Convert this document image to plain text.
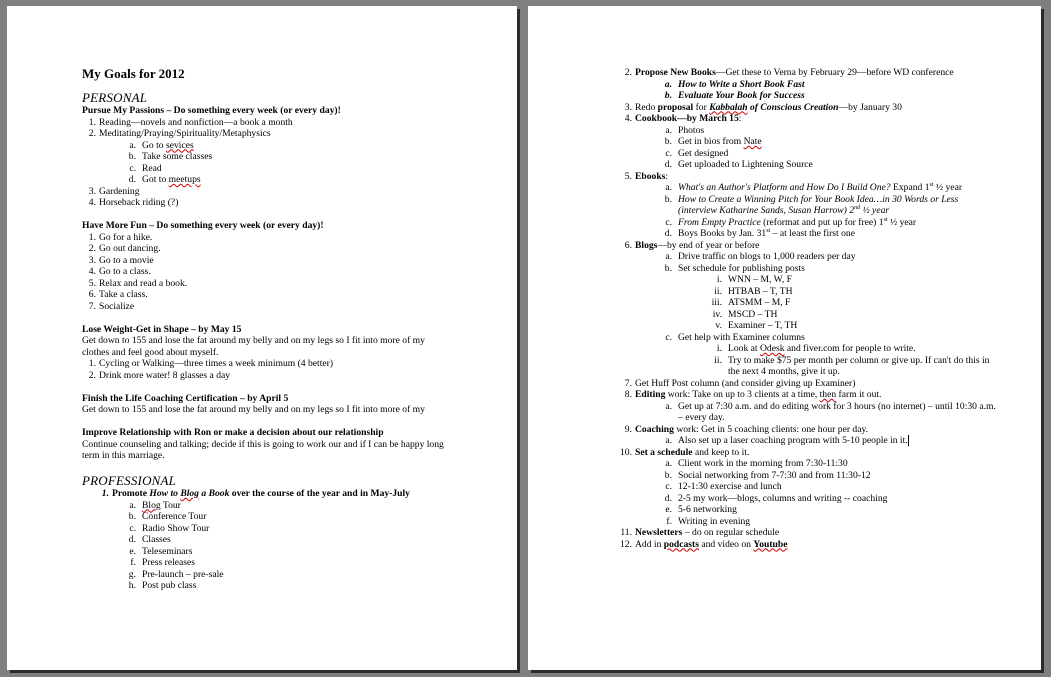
My Goals for 2012
PERSONAL
Pursue My Passions – Do something every week (or every day)!
1. Reading—novels and nonfiction—a book a month
2. Meditating/Praying/Spirituality/Metaphysics
a. Go to sevices
b. Take some classes
c. Read
d. Got to meetups
3. Gardening
4. Horseback riding (?)
Have More Fun – Do something every week (or every day)!
1. Go for a hike.
2. Go out dancing.
3. Go to a movie
4. Go to a class.
5. Relax and read a book.
6. Take a class.
7. Socialize
Lose Weight-Get in Shape – by May 15
Get down to 155 and lose the fat around my belly and on my legs so I fit into more of my clothes and feel good about myself.
1. Cycling or Walking—three times a week minimum (4 better)
2. Drink more water! 8 glasses a day
Finish the Life Coaching Certification – by April 5
Get down to 155 and lose the fat around my belly and on my legs so I fit into more of my
Improve Relationship with Ron or make a decision about our relationship
Continue counseling and talking; decide if this is going to work our and if I can be happy long term in this marriage.
PROFESSIONAL
1. Promote How to Blog a Book over the course of the year and in May-July
a. Blog Tour
b. Conference Tour
c. Radio Show Tour
d. Classes
e. Teleseminars
f. Press releases
g. Pre-launch – pre-sale
h. Post pub class
2. Propose New Books—Get these to Verna by February 29—before WD conference
a. How to Write a Short Book Fast
b. Evaluate Your Book for Success
3. Redo proposal for Kabbalah of Conscious Creation—by January 30
4. Cookbook—by March 15:
a. Photos
b. Get in bios from Nate
c. Get designed
d. Get uploaded to Lightening Source
5. Ebooks:
a. What's an Author's Platform and How Do I Build One? Expand 1st ½ year
b. How to Create a Winning Pitch for Your Book Idea…in 30 Words or Less (interview Katharine Sands, Susan Harrow) 2nd ½ year
c. From Empty Practice (reformat and put up for free) 1st ½ year
d. Boys Books by Jan. 31st – at least the first one
6. Blogs—by end of year or before
a. Drive traffic on blogs to 1,000 readers per day
b. Set schedule for publishing posts
i. WNN – M, W, F
ii. HTBAB – T, TH
iii. ATSMM – M, F
iv. MSCD – TH
v. Examiner – T, TH
c. Get help with Examiner columns
i. Look at Odesk and fiver.com for people to write.
ii. Try to make $75 per month per column or give up. If can't do this in the next 4 months, give it up.
7. Get Huff Post column (and consider giving up Examiner)
8. Editing work: Take on up to 3 clients at a time, then farm it out.
a. Get up at 7:30 a.m. and do editing work for 3 hours (no internet) – until 10:30 a.m. – every day.
9. Coaching work: Get in 5 coaching clients: one hour per day.
a. Also set up a laser coaching program with 5-10 people in it.
10. Set a schedule and keep to it.
a. Client work in the morning from 7:30-11:30
b. Social networking from 7-7:30 and from 11:30-12
c. 12-1:30 exercise and lunch
d. 2-5 my work—blogs, columns and writing -- coaching
e. 5-6 networking
f. Writing in evening
11. Newsletters – do on regular schedule
12. Add in podcasts and video on Youtube
